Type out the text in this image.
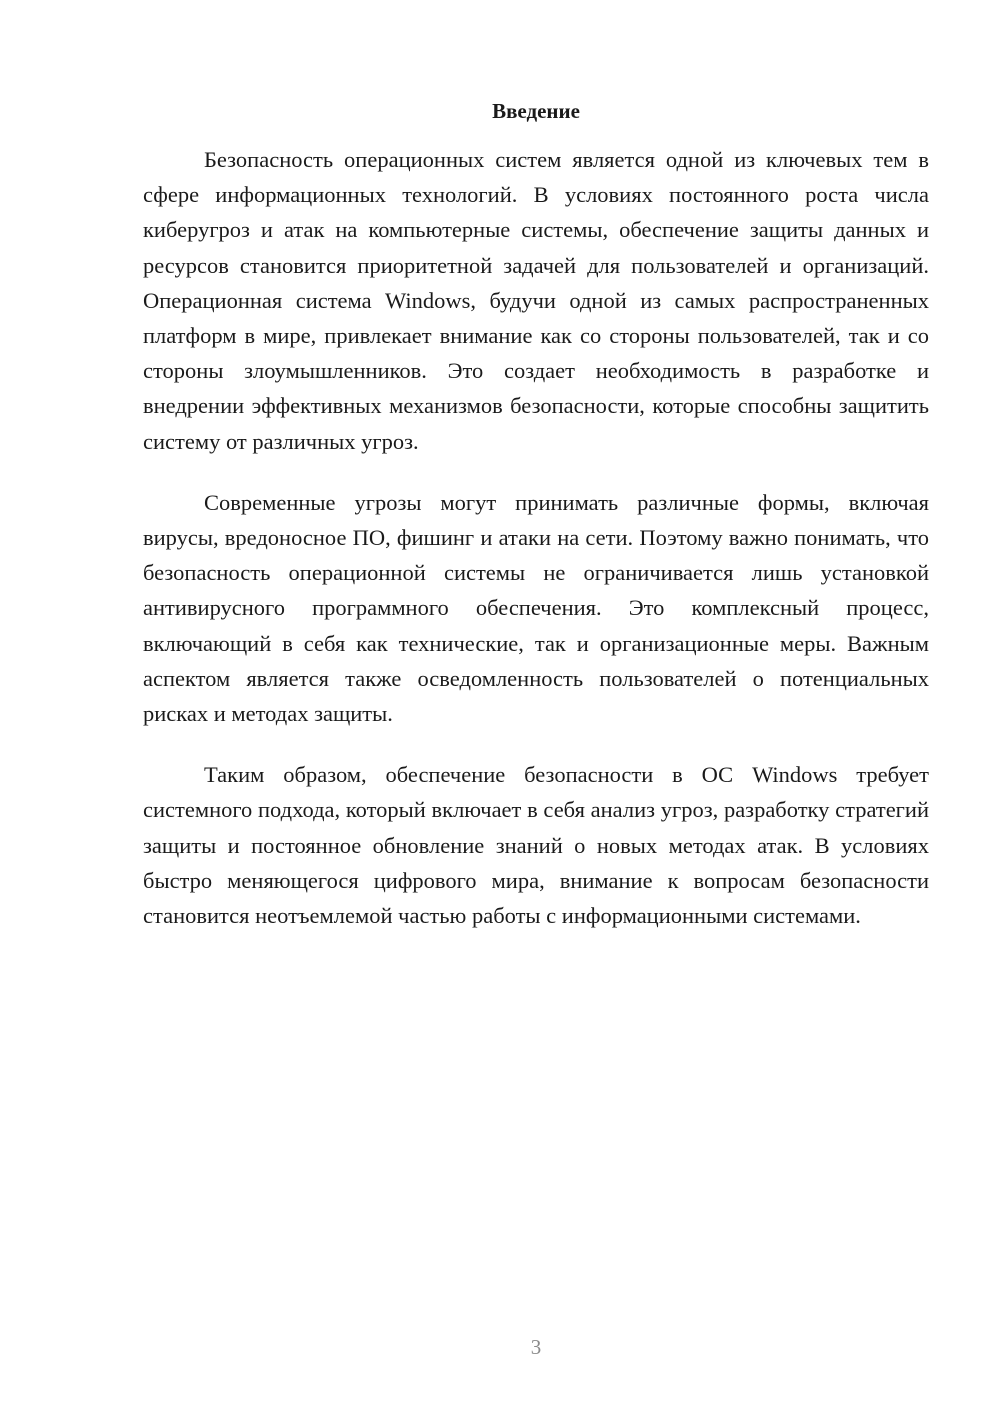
Введение

Безопасность операционных систем является одной из ключевых тем в сфере информационных технологий. В условиях постоянного роста числа киберугроз и атак на компьютерные системы, обеспечение защиты данных и ресурсов становится приоритетной задачей для пользователей и организаций. Операционная система Windows, будучи одной из самых распространенных платформ в мире, привлекает внимание как со стороны пользователей, так и со стороны злоумышленников. Это создает необходимость в разработке и внедрении эффективных механизмов безопасности, которые способны защитить систему от различных угроз.

Современные угрозы могут принимать различные формы, включая вирусы, вредоносное ПО, фишинг и атаки на сети. Поэтому важно понимать, что безопасность операционной системы не ограничивается лишь установкой антивирусного программного обеспечения. Это комплексный процесс, включающий в себя как технические, так и организационные меры. Важным аспектом является также осведомленность пользователей о потенциальных рисках и методах защиты.

Таким образом, обеспечение безопасности в ОС Windows требует системного подхода, который включает в себя анализ угроз, разработку стратегий защиты и постоянное обновление знаний о новых методах атак. В условиях быстро меняющегося цифрового мира, внимание к вопросам безопасности становится неотъемлемой частью работы с информационными системами.

3
